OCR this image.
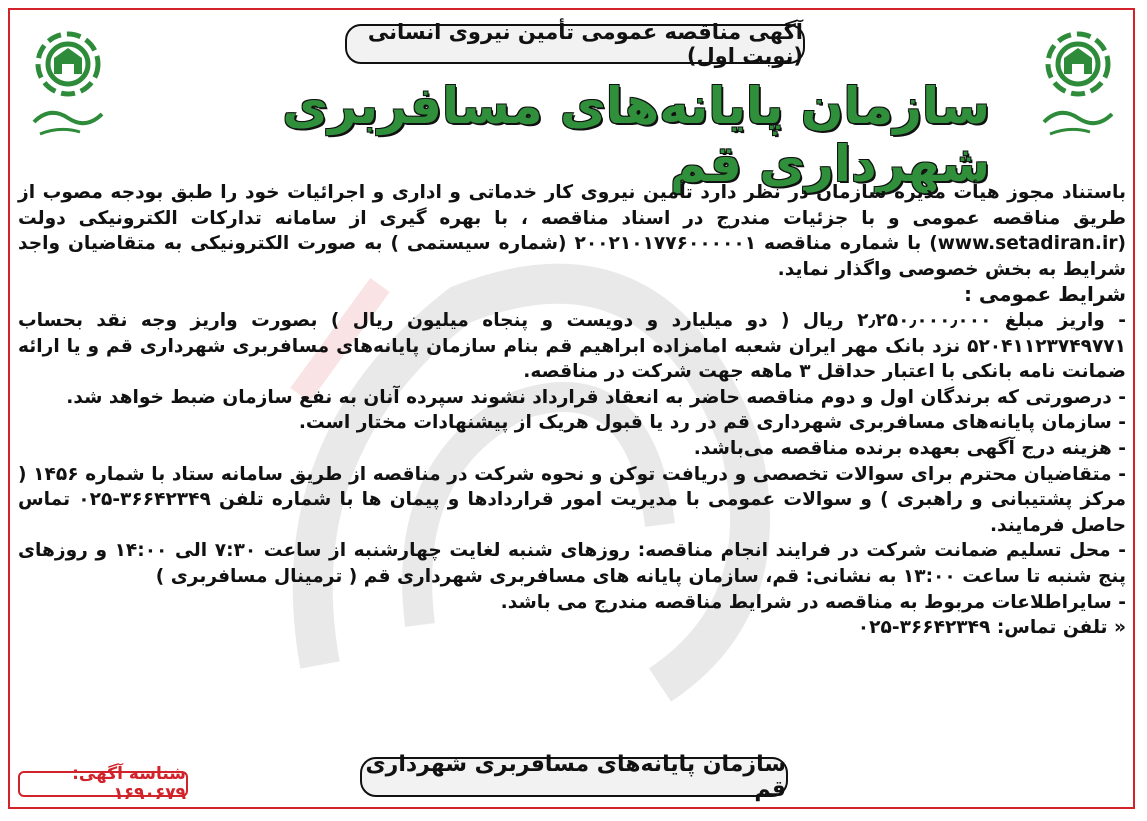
آگهی مناقصه عمومی تأمین نیروی انسانی (نوبت اول)
سازمان پایانه‌های مسافربری شهرداری قم

باستناد مجوز هیأت مدیره سازمان در نظر دارد تأمین نیروی کار خدماتی و اداری و اجرائیات خود را طبق بودجه مصوب از طریق مناقصه عمومی و با جزئیات مندرج در اسناد مناقصه ، با بهره گیری از سامانه تدارکات الکترونیکی دولت (www.setadiran.ir) با شماره مناقصه ۲۰۰۲۱۰۱۷۷۶۰۰۰۰۰۱ (شماره سیستمی ) به صورت الکترونیکی به متقاضیان واجد شرایط به بخش خصوصی واگذار نماید.

شرایط عمومی :

- واریز مبلغ ۲٫۲۵۰٫۰۰۰٫۰۰۰ ریال ( دو میلیارد و دویست و پنجاه میلیون ریال ) بصورت واریز وجه نقد بحساب ۵۲۰۴۱۱۲۳۷۴۹۷۷۱ نزد بانک مهر ایران شعبه امامزاده ابراهیم قم بنام سازمان پایانه‌های مسافربری شهرداری قم و یا ارائه ضمانت نامه بانکی با اعتبار حداقل ۳ ماهه جهت شرکت در مناقصه.

- درصورتی که برندگان اول و دوم مناقصه حاضر به انعقاد قرارداد نشوند سپرده آنان به نفع سازمان ضبط خواهد شد.

- سازمان پایانه‌های مسافربری شهرداری قم در رد یا قبول هریک از پیشنهادات مختار است.

- هزینه درج آگهی بعهده برنده مناقصه می‌باشد.

- متقاضیان محترم برای سوالات تخصصی و دریافت توکن و نحوه شرکت در مناقصه از طریق سامانه ستاد با شماره ۱۴۵۶ ( مرکز پشتیبانی و راهبری ) و سوالات عمومی با مدیریت امور قراردادها و پیمان ها با شماره تلفن ۳۶۶۴۲۳۴۹-۰۲۵ تماس حاصل فرمایند.

- محل تسلیم ضمانت شرکت در فرایند انجام مناقصه: روزهای شنبه لغایت چهارشنبه از ساعت ۷:۳۰ الی ۱۴:۰۰ و روزهای پنج شنبه تا ساعت ۱۳:۰۰ به نشانی: قم، سازمان پایانه های مسافربری شهرداری قم ( ترمینال مسافربری )

- سایراطلاعات مربوط به مناقصه در شرایط مناقصه مندرج می باشد.

« تلفن تماس: ۳۶۶۴۲۳۴۹-۰۲۵

سازمان پایانه‌های مسافربری شهرداری قم
شناسه آگهی: ۱۶۹۰۶۷۹
